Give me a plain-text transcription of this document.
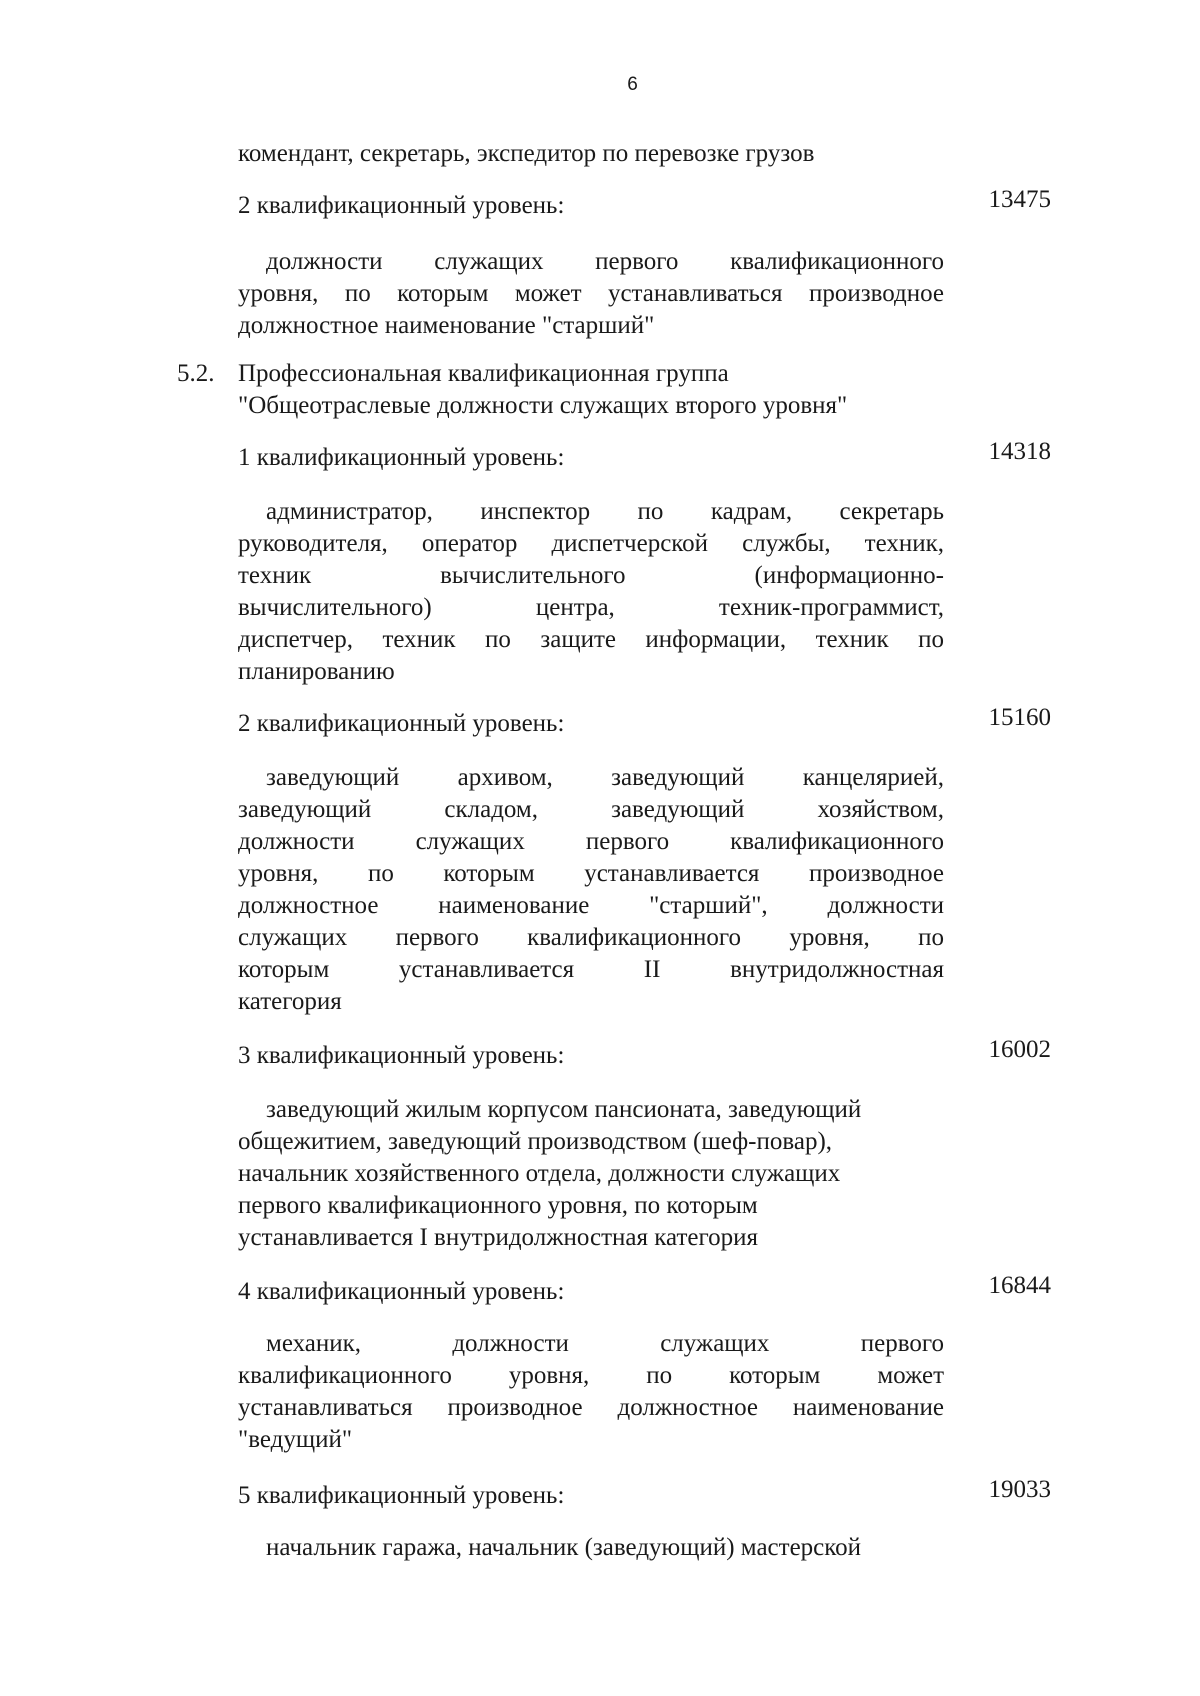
6
комендант, секретарь, экспедитор по перевозке грузов
2 квалификационный уровень:	13475
должности служащих первого квалификационного
уровня, по которым может устанавливаться производное
должностное наименование "старший"
5.2. Профессиональная квалификационная группа
"Общеотраслевые должности служащих второго уровня"
1 квалификационный уровень:	14318
администратор, инспектор по кадрам, секретарь
руководителя, оператор диспетчерской службы, техник,
техник вычислительного (информационно-
вычислительного) центра, техник-программист,
диспетчер, техник по защите информации, техник по
планированию
2 квалификационный уровень:	15160
заведующий архивом, заведующий канцелярией,
заведующий складом, заведующий хозяйством,
должности служащих первого квалификационного
уровня, по которым устанавливается производное
должностное наименование "старший", должности
служащих первого квалификационного уровня, по
которым устанавливается II внутридолжностная
категория
3 квалификационный уровень:	16002
заведующий жилым корпусом пансионата, заведующий
общежитием, заведующий производством (шеф-повар),
начальник хозяйственного отдела, должности служащих
первого квалификационного уровня, по которым
устанавливается I внутридолжностная категория
4 квалификационный уровень:	16844
механик, должности служащих первого
квалификационного уровня, по которым может
устанавливаться производное должностное наименование
"ведущий"
5 квалификационный уровень:	19033
начальник гаража, начальник (заведующий) мастерской
